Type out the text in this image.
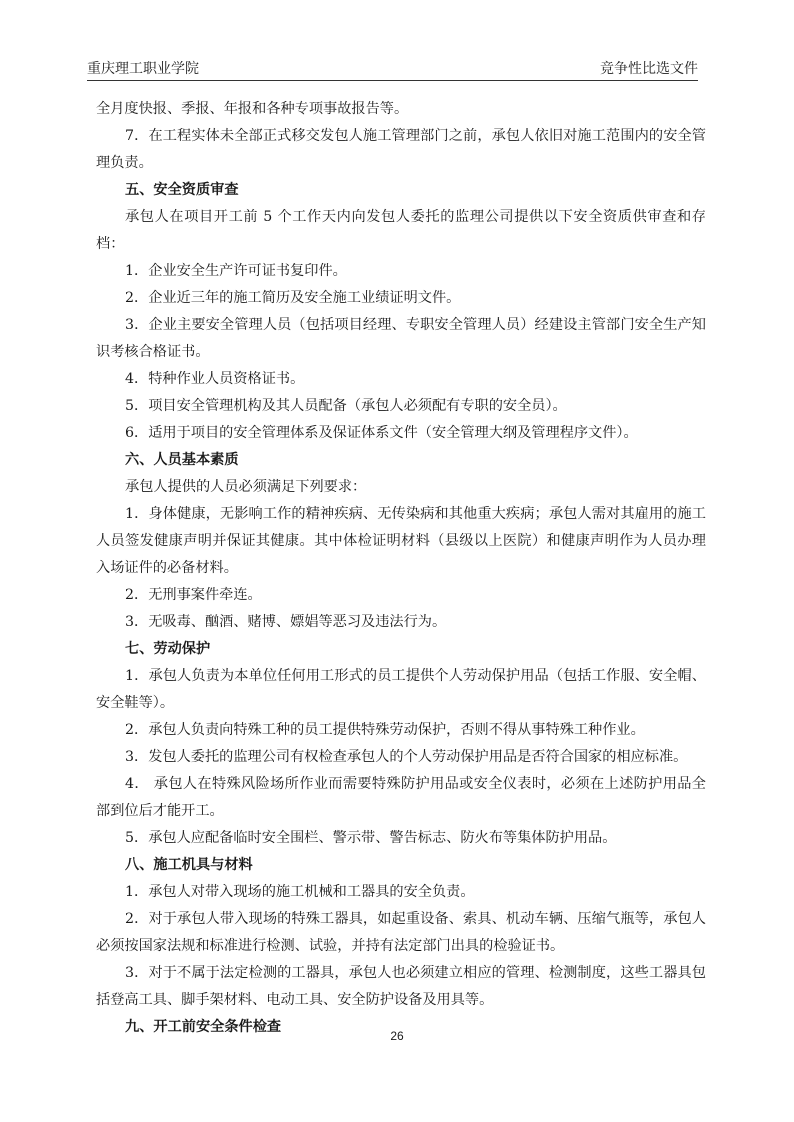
重庆理工职业学院	竞争性比选文件

全月度快报、季报、年报和各种专项事故报告等。

7．在工程实体未全部正式移交发包人施工管理部门之前，承包人依旧对施工范围内的安全管理负责。

五、安全资质审查

承包人在项目开工前 5 个工作天内向发包人委托的监理公司提供以下安全资质供审查和存档：

1．企业安全生产许可证书复印件。

2．企业近三年的施工简历及安全施工业绩证明文件。

3．企业主要安全管理人员（包括项目经理、专职安全管理人员）经建设主管部门安全生产知识考核合格证书。

4．特种作业人员资格证书。

5．项目安全管理机构及其人员配备（承包人必须配有专职的安全员）。

6．适用于项目的安全管理体系及保证体系文件（安全管理大纲及管理程序文件）。

六、人员基本素质

承包人提供的人员必须满足下列要求：

1．身体健康，无影响工作的精神疾病、无传染病和其他重大疾病；承包人需对其雇用的施工人员签发健康声明并保证其健康。其中体检证明材料（县级以上医院）和健康声明作为人员办理入场证件的必备材料。

2．无刑事案件牵连。

3．无吸毒、酗酒、赌博、嫖娼等恶习及违法行为。

七、劳动保护

1．承包人负责为本单位任何用工形式的员工提供个人劳动保护用品（包括工作服、安全帽、安全鞋等）。

2．承包人负责向特殊工种的员工提供特殊劳动保护，否则不得从事特殊工种作业。

3．发包人委托的监理公司有权检查承包人的个人劳动保护用品是否符合国家的相应标准。

4． 承包人在特殊风险场所作业而需要特殊防护用品或安全仪表时，必须在上述防护用品全部到位后才能开工。

5．承包人应配备临时安全围栏、警示带、警告标志、防火布等集体防护用品。

八、施工机具与材料

1．承包人对带入现场的施工机械和工器具的安全负责。

2．对于承包人带入现场的特殊工器具，如起重设备、索具、机动车辆、压缩气瓶等，承包人必须按国家法规和标准进行检测、试验，并持有法定部门出具的检验证书。

3．对于不属于法定检测的工器具，承包人也必须建立相应的管理、检测制度，这些工器具包括登高工具、脚手架材料、电动工具、安全防护设备及用具等。

九、开工前安全条件检查

26
